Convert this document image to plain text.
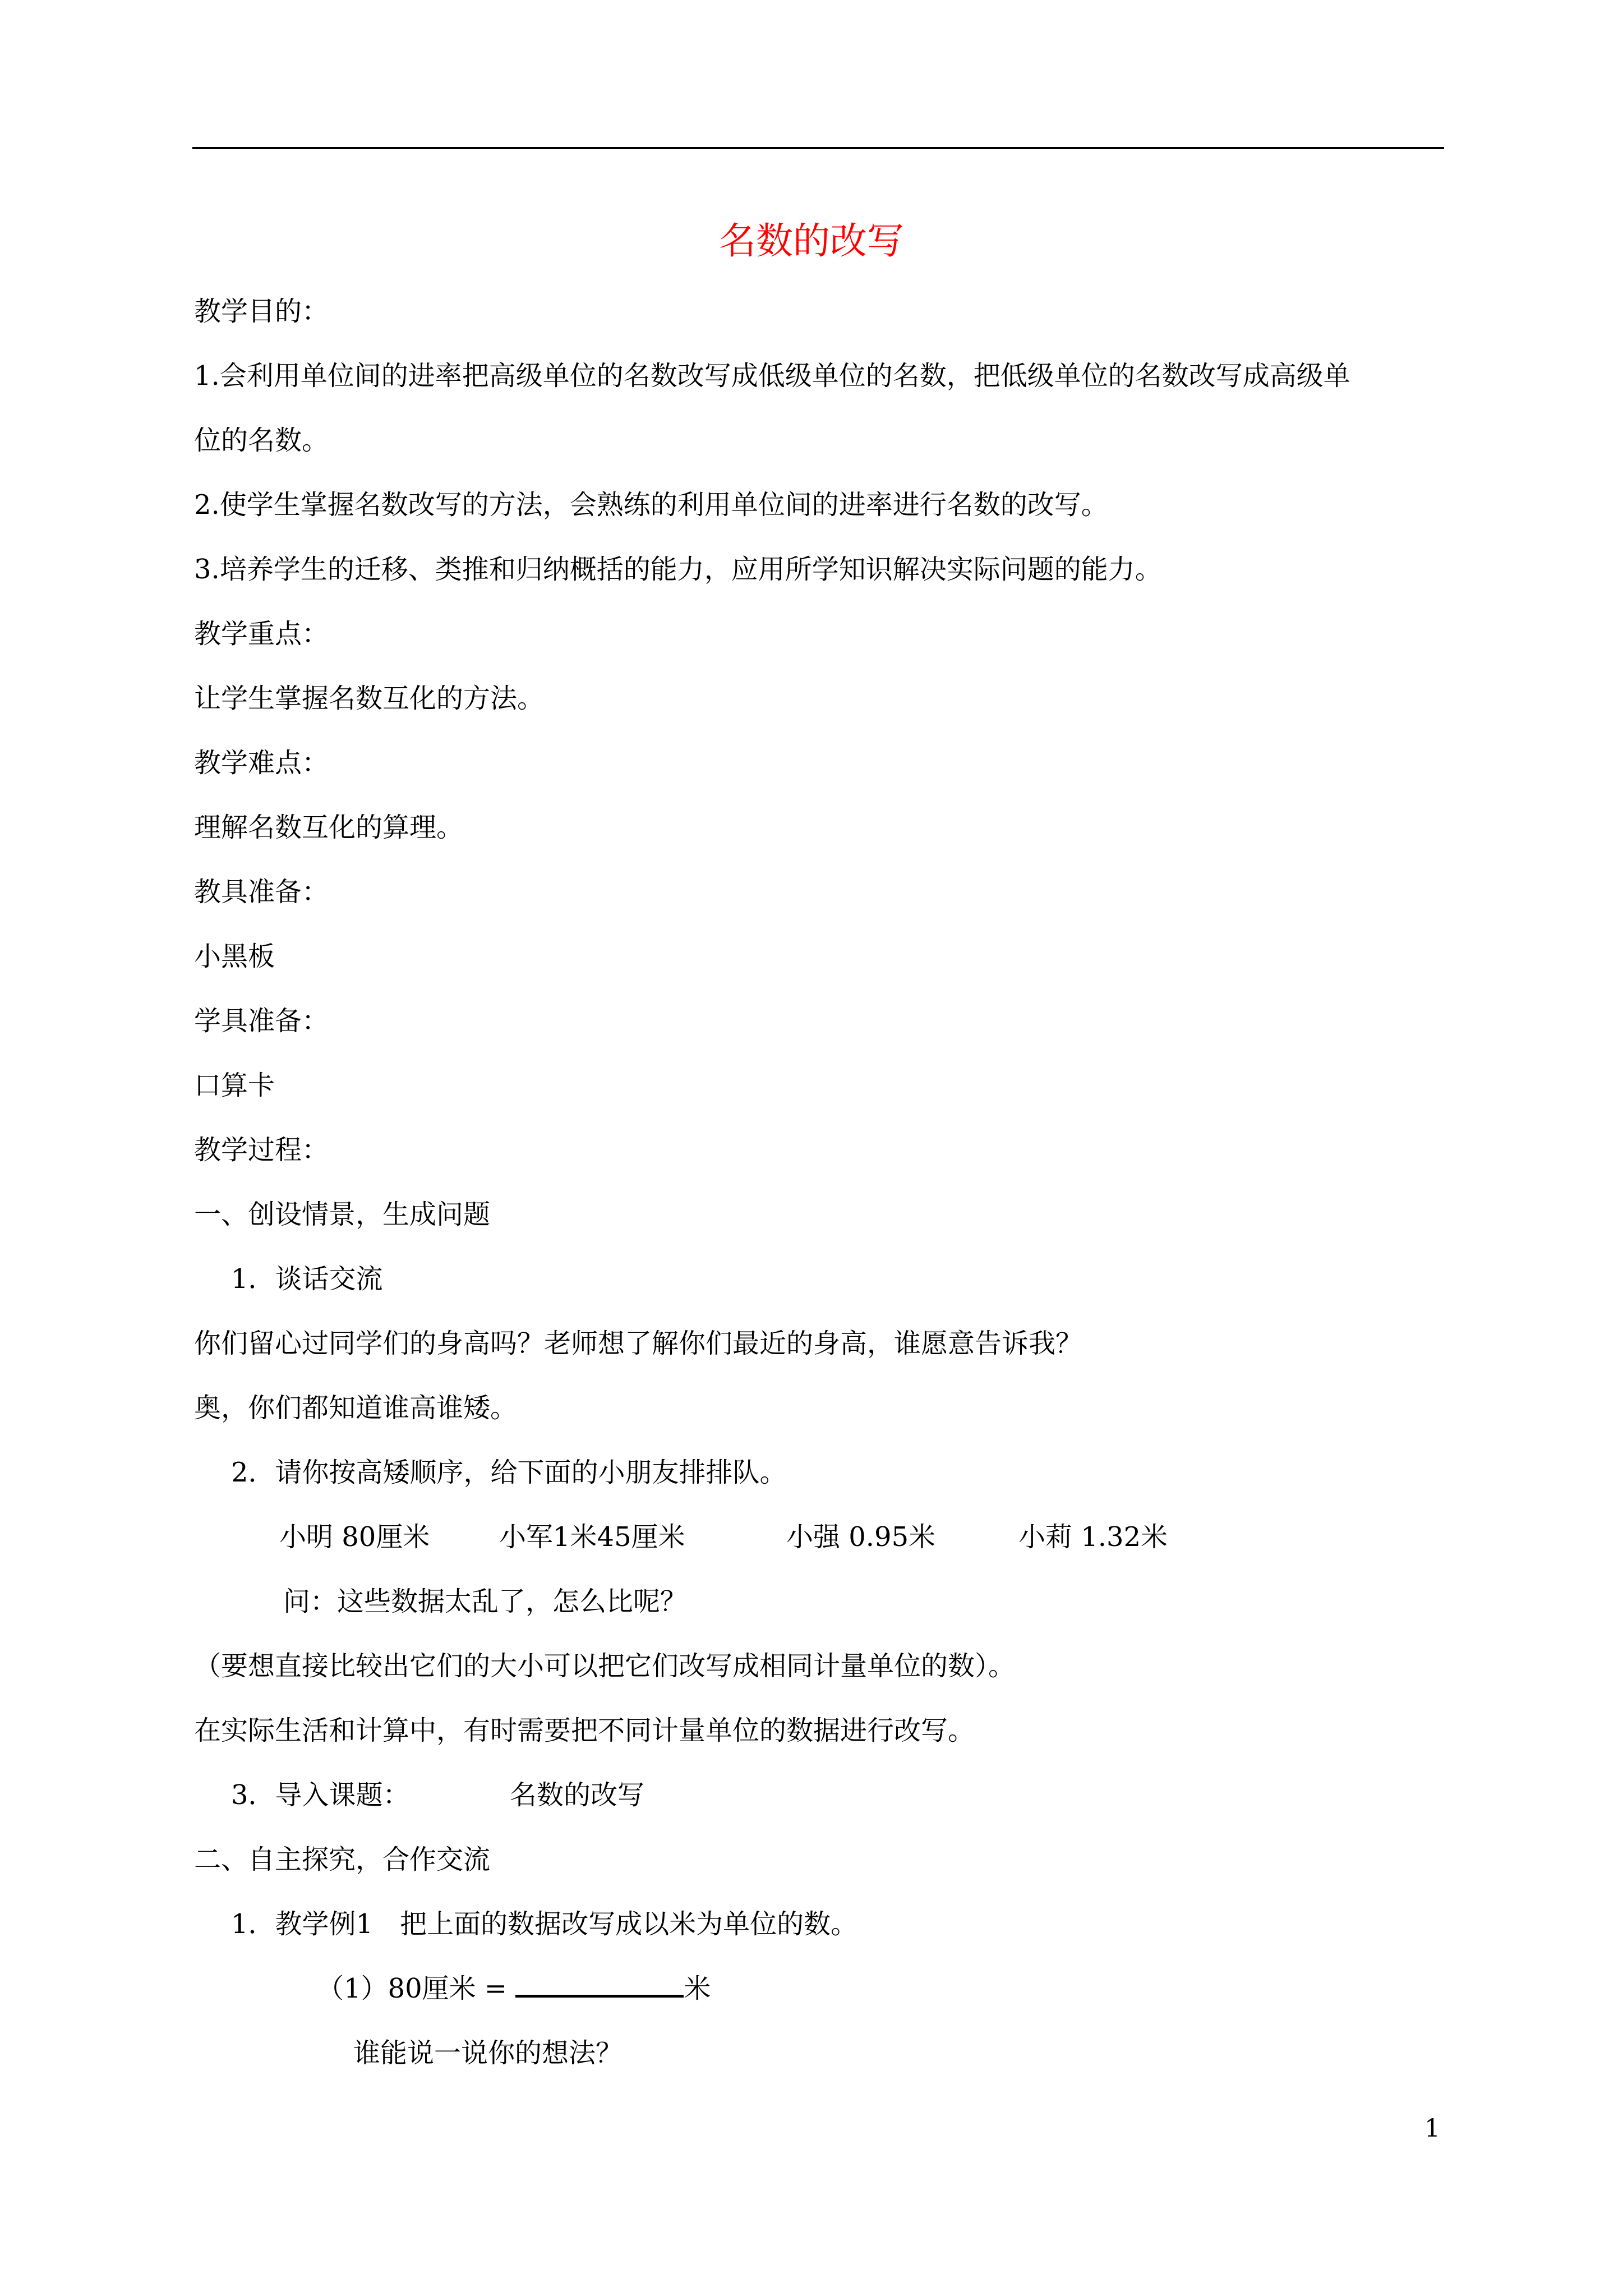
名数的改写
教学目的：
1.会利用单位间的进率把高级单位的名数改写成低级单位的名数，把低级单位的名数改写成高级单
位的名数。
2.使学生掌握名数改写的方法，会熟练的利用单位间的进率进行名数的改写。
3.培养学生的迁移、类推和归纳概括的能力，应用所学知识解决实际问题的能力。
教学重点：
让学生掌握名数互化的方法。
教学难点：
理解名数互化的算理。
教具准备：
小黑板
学具准备：
口算卡
教学过程：
一、创设情景，生成问题
1．谈话交流
你们留心过同学们的身高吗？老师想了解你们最近的身高，谁愿意告诉我？
奥，你们都知道谁高谁矮。
2．请你按高矮顺序，给下面的小朋友排排队。
小明 80厘米	小军1米45厘米	小强 0.95米	小莉 1.32米
问：这些数据太乱了，怎么比呢？
（要想直接比较出它们的大小可以把它们改写成相同计量单位的数）。
在实际生活和计算中，有时需要把不同计量单位的数据进行改写。
3．导入课题：	名数的改写
二、自主探究，合作交流
1．教学例1　把上面的数据改写成以米为单位的数。
（1）80厘米 =	米
谁能说一说你的想法？
1
